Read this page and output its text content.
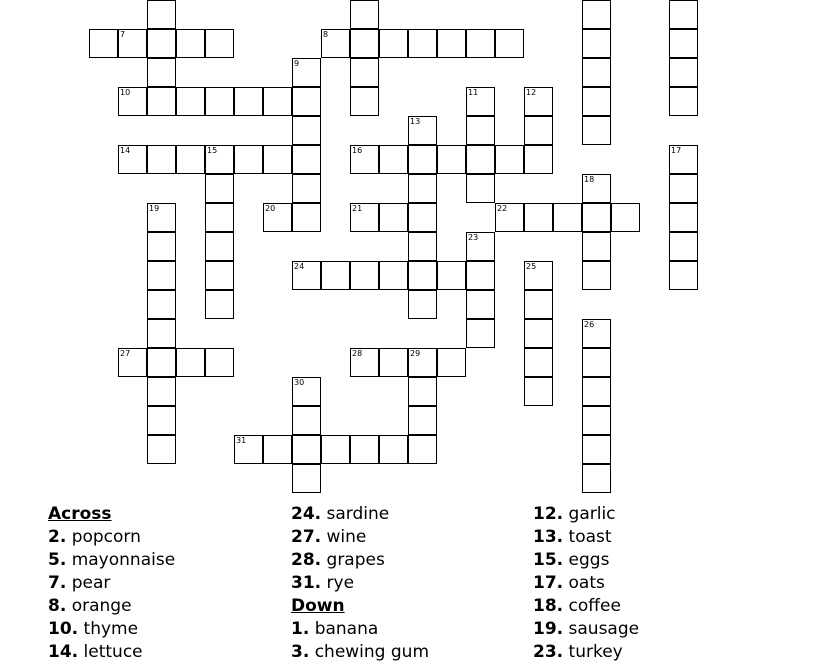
7	8
9
10	11	12
13
14	15	16	17
18
19	20	21	22
23
24	25
26
27	28	29
30
31
Across
2. popcorn
5. mayonnaise
7. pear
8. orange
10. thyme
14. lettuce
24. sardine
27. wine
28. grapes
31. rye
Down
1. banana
3. chewing gum
12. garlic
13. toast
15. eggs
17. oats
18. coffee
19. sausage
23. turkey
